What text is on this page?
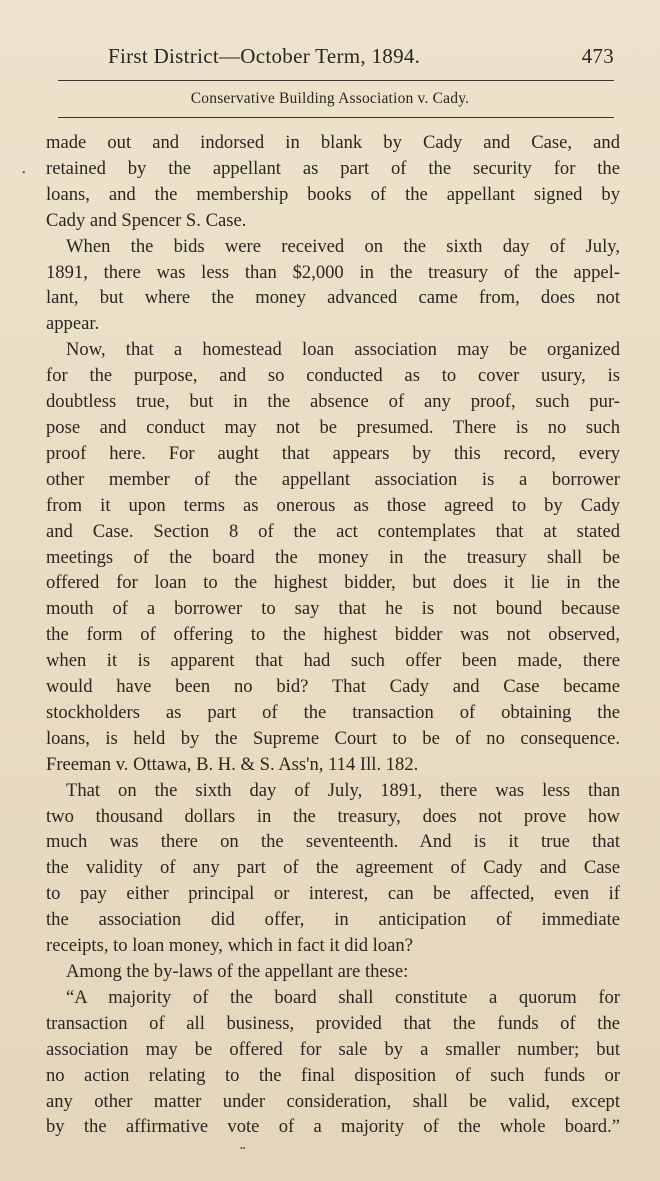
First District—October Term, 1894.	473
Conservative Building Association v. Cady.
•
made out and indorsed in blank by Cady and Case, and
retained by the appellant as part of the security for the
loans, and the membership books of the appellant signed by
Cady and Spencer S. Case.
When the bids were received on the sixth day of July,
1891, there was less than $2,000 in the treasury of the appel-
lant, but where the money advanced came from, does not
appear.
Now, that a homestead loan association may be organized
for the purpose, and so conducted as to cover usury, is
doubtless true, but in the absence of any proof, such pur-
pose and conduct may not be presumed. There is no such
proof here. For aught that appears by this record, every
other member of the appellant association is a borrower
from it upon terms as onerous as those agreed to by Cady
and Case. Section 8 of the act contemplates that at stated
meetings of the board the money in the treasury shall be
offered for loan to the highest bidder, but does it lie in the
mouth of a borrower to say that he is not bound because
the form of offering to the highest bidder was not observed,
when it is apparent that had such offer been made, there
would have been no bid? That Cady and Case became
stockholders as part of the transaction of obtaining the
loans, is held by the Supreme Court to be of no consequence.
Freeman v. Ottawa, B. H. & S. Ass'n, 114 Ill. 182.
That on the sixth day of July, 1891, there was less than
two thousand dollars in the treasury, does not prove how
much was there on the seventeenth. And is it true that
the validity of any part of the agreement of Cady and Case
to pay either principal or interest, can be affected, even if
the association did offer, in anticipation of immediate
receipts, to loan money, which in fact it did loan?
Among the by-laws of the appellant are these:
“A majority of the board shall constitute a quorum for
transaction of all business, provided that the funds of the
association may be offered for sale by a smaller number; but
no action relating to the final disposition of such funds or
any other matter under consideration, shall be valid, except
by the affirmative vote of a majority of the whole board.”
••
